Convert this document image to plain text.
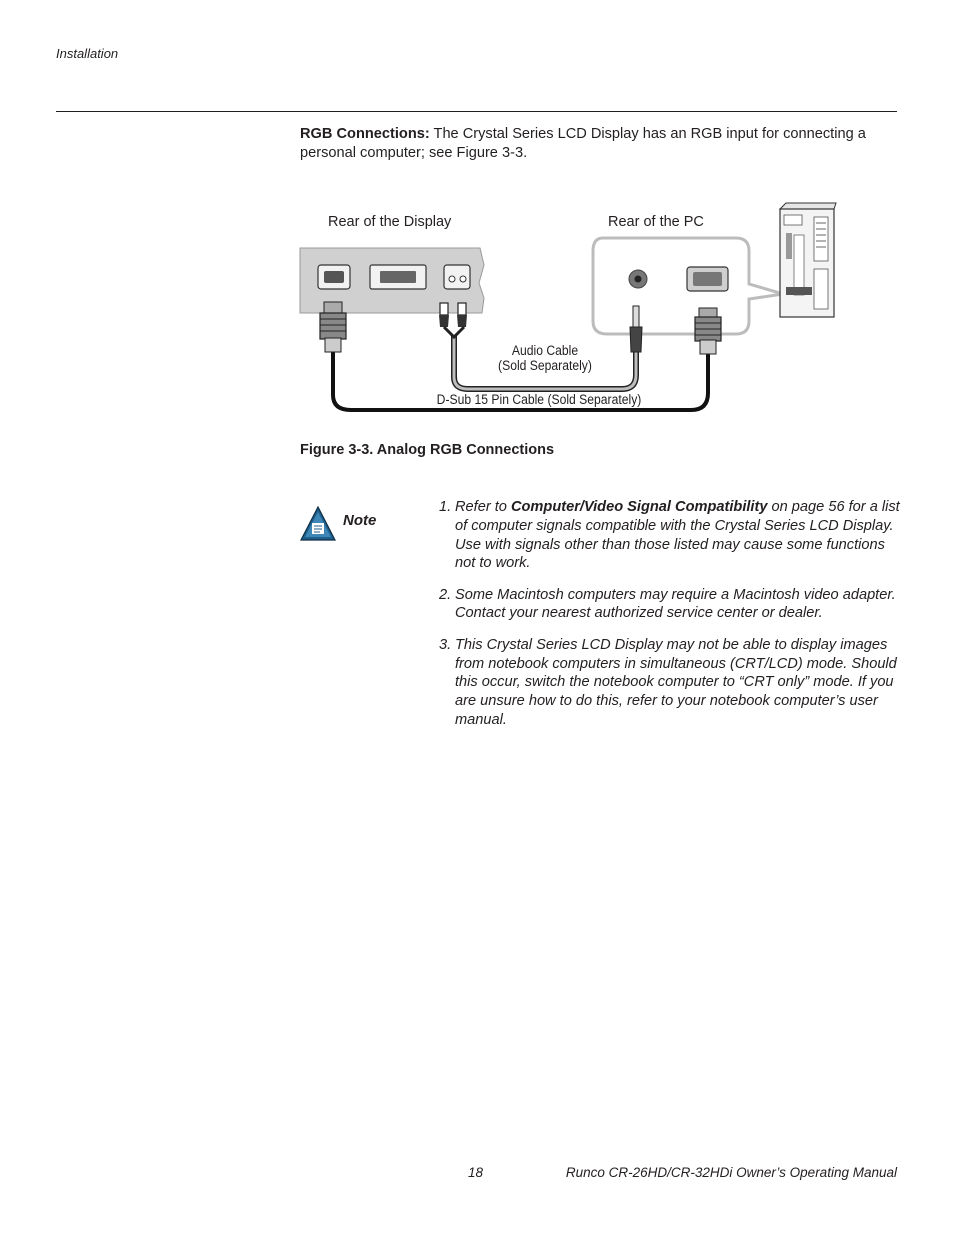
Installation
RGB Connections: The Crystal Series LCD Display has an RGB input for connecting a personal computer; see Figure 3-3.
Rear of the Display	Rear of the PC
Audio Cable
(Sold Separately)
D-Sub 15 Pin Cable (Sold Separately)
Figure 3-3. Analog RGB Connections
Note
1. Refer to Computer/Video Signal Compatibility on page 56 for a list of computer signals compatible with the Crystal Series LCD Display. Use with signals other than those listed may cause some functions not to work.
2. Some Macintosh computers may require a Macintosh video adapter. Contact your nearest authorized service center or dealer.
3. This Crystal Series LCD Display may not be able to display images from notebook computers in simultaneous (CRT/LCD) mode. Should this occur, switch the notebook computer to “CRT only” mode. If you are unsure how to do this, refer to your notebook computer’s user manual.
18	Runco CR-26HD/CR-32HDi Owner’s Operating Manual
